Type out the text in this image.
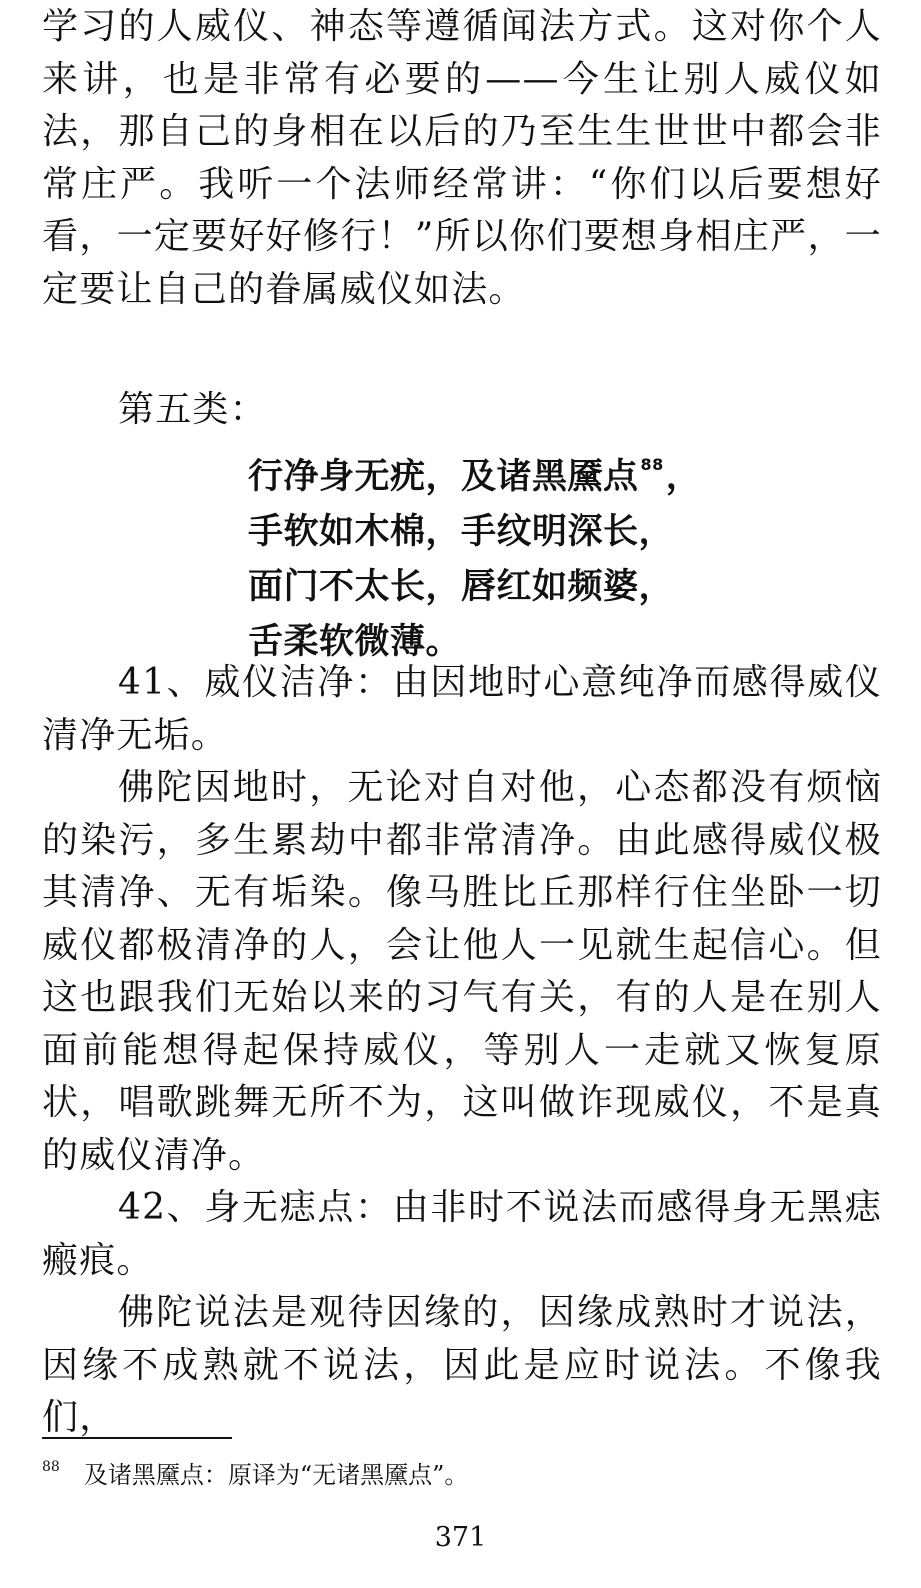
学习的人威仪、神态等遵循闻法方式。这对你个人来讲，也是非常有必要的——今生让别人威仪如法，那自己的身相在以后的乃至生生世世中都会非常庄严。我听一个法师经常讲：“你们以后要想好看，一定要好好修行！”所以你们要想身相庄严，一定要让自己的眷属威仪如法。

第五类：

行净身无疣，及诸黑黡点 $^{88}$，
手软如木棉，手纹明深长，
面门不太长，唇红如频婆，
舌柔软微薄。

41、威仪洁净：由因地时心意纯净而感得威仪清净无垢。

佛陀因地时，无论对自对他，心态都没有烦恼的染污，多生累劫中都非常清净。由此感得威仪极其清净、无有垢染。像马胜比丘那样行住坐卧一切威仪都极清净的人，会让他人一见就生起信心。但这也跟我们无始以来的习气有关，有的人是在别人面前能想得起保持威仪，等别人一走就又恢复原状，唱歌跳舞无所不为，这叫做诈现威仪，不是真的威仪清净。

42、身无痣点：由非时不说法而感得身无黑痣瘢痕。

佛陀说法是观待因缘的，因缘成熟时才说法，因缘不成熟就不说法，因此是应时说法。不像我们，

$^{88}$ 及诸黑黡点：原译为“无诸黑黡点”。
371
